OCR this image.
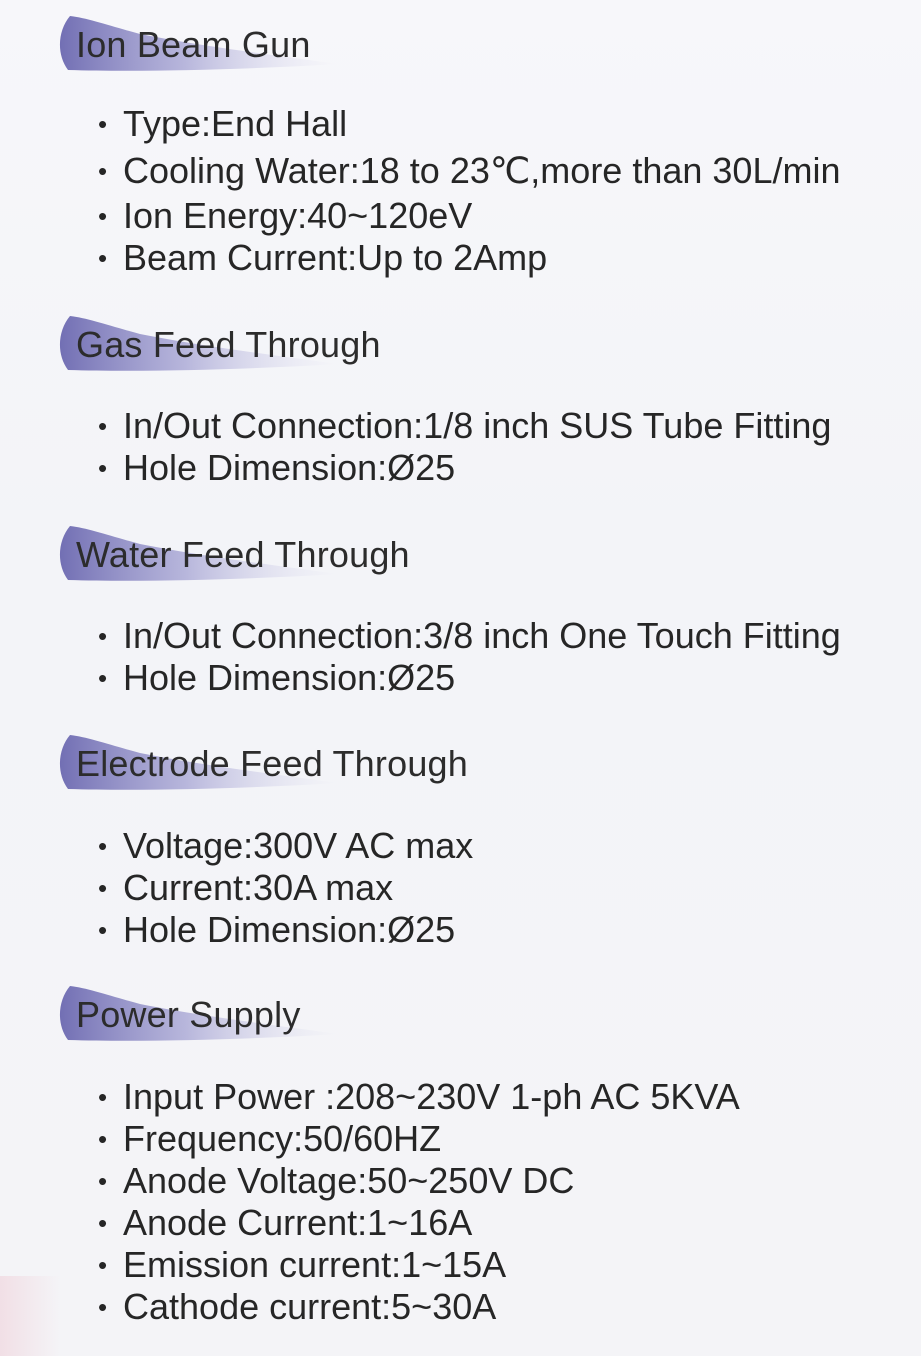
Ion Beam Gun
• Type:End Hall
• Cooling Water:18 to 23℃,more than 30L/min
• Ion Energy:40~120eV
• Beam Current:Up to 2Amp
Gas Feed Through
• In/Out Connection:1/8 inch SUS Tube Fitting
• Hole Dimension:Ø25
Water Feed Through
• In/Out Connection:3/8 inch One Touch Fitting
• Hole Dimension:Ø25
Electrode Feed Through
• Voltage:300V AC max
• Current:30A max
• Hole Dimension:Ø25
Power Supply
• Input Power :208~230V 1-ph AC 5KVA
• Frequency:50/60HZ
• Anode Voltage:50~250V DC
• Anode Current:1~16A
• Emission current:1~15A
• Cathode current:5~30A
